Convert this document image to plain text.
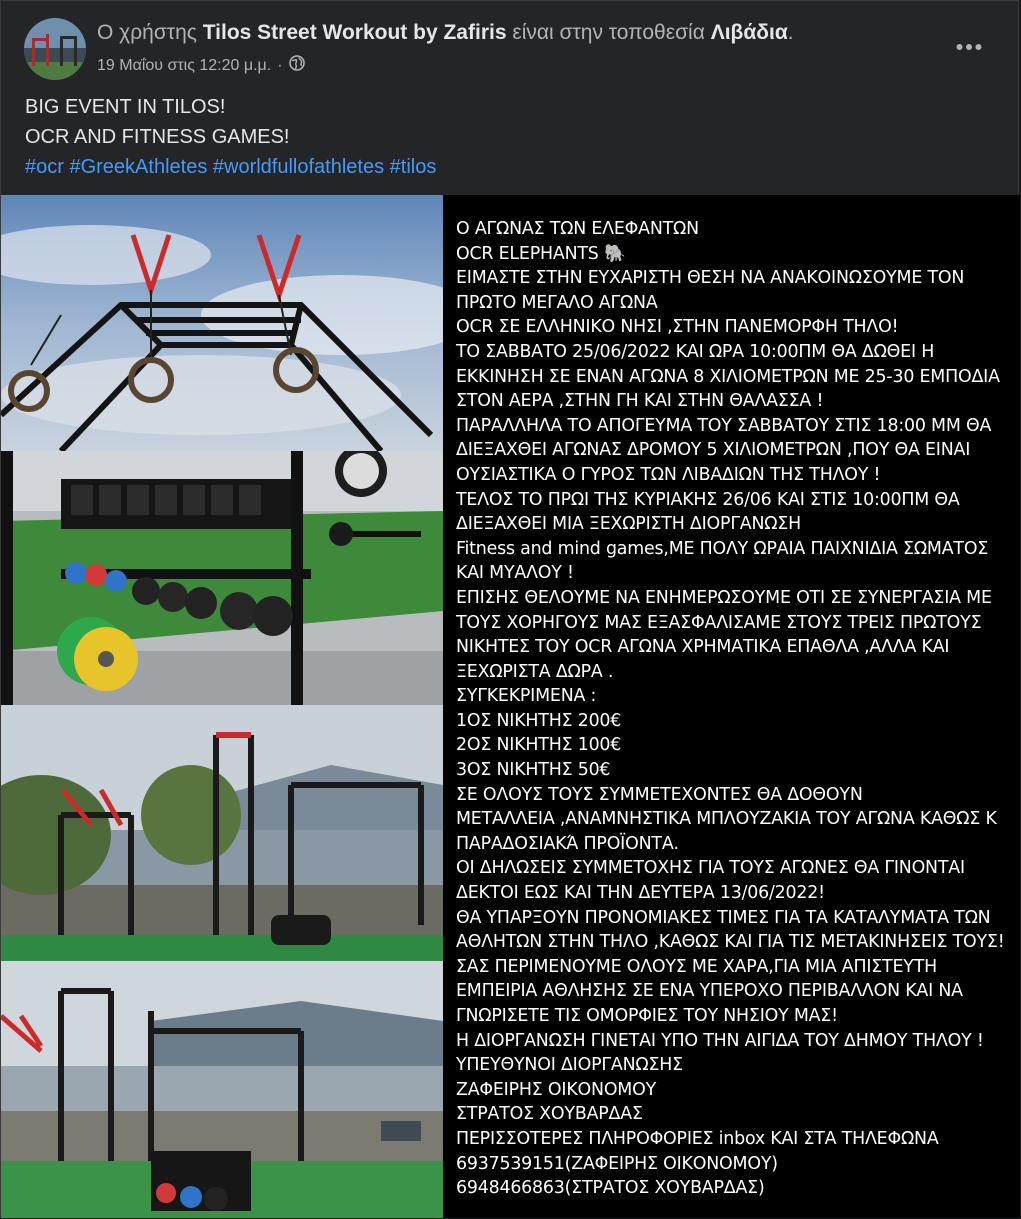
Ο χρήστης Tilos Street Workout by Zafiris είναι στην τοποθεσία Λιβάδια.
19 Μαΐου στις 12:20 μ.μ. ·
BIG EVENT IN TILOS!
OCR AND FITNESS GAMES!
#ocr #GreekAthletes #worldfullofathletes #tilos
Ο ΑΓΩΝΑΣ ΤΩΝ ΕΛΕΦΑΝΤΩΝ
OCR ELEPHANTS 🐘
ΕΙΜΑΣΤΕ ΣΤΗΝ ΕΥΧΑΡΙΣΤΗ ΘΕΣΗ ΝΑ ΑΝΑΚΟΙΝΩΣΟΥΜΕ ΤΟΝ
ΠΡΩΤΟ ΜΕΓΑΛΟ ΑΓΩΝΑ
OCR ΣΕ ΕΛΛΗΝΙΚΟ ΝΗΣΙ ,ΣΤΗΝ ΠΑΝΕΜΟΡΦΗ ΤΗΛΟ!
ΤΟ ΣΑΒΒΑΤΟ 25/06/2022 ΚΑΙ ΩΡΑ 10:00ΠΜ ΘΑ ΔΩΘΕΙ Η
ΕΚΚΙΝΗΣΗ ΣΕ ΕΝΑΝ ΑΓΩΝΑ 8 ΧΙΛΙΟΜΕΤΡΩΝ ΜΕ 25-30 ΕΜΠΟΔΙΑ
ΣΤΟΝ ΑΕΡΑ ,ΣΤΗΝ ΓΗ ΚΑΙ ΣΤΗΝ ΘΑΛΑΣΣΑ !
ΠΑΡΑΛΛΗΛΑ ΤΟ ΑΠΟΓΕΥΜΑ ΤΟΥ ΣΑΒΒΑΤΟΥ ΣΤΙΣ 18:00 ΜΜ ΘΑ
ΔΙΕΞΑΧΘΕΙ ΑΓΩΝΑΣ ΔΡΟΜΟΥ 5 ΧΙΛΙΟΜΕΤΡΩΝ ,ΠΟΥ ΘΑ ΕΙΝΑΙ
ΟΥΣΙΑΣΤΙΚΑ Ο ΓΥΡΟΣ ΤΩΝ ΛΙΒΑΔΙΩΝ ΤΗΣ ΤΗΛΟΥ !
ΤΕΛΟΣ ΤΟ ΠΡΩΙ ΤΗΣ ΚΥΡΙΑΚΗΣ 26/06 ΚΑΙ ΣΤΙΣ 10:00ΠΜ ΘΑ
ΔΙΕΞΑΧΘΕΙ ΜΙΑ ΞΕΧΩΡΙΣΤΗ ΔΙΟΡΓΑΝΩΣΗ
Fitness and mind games,ΜΕ ΠΟΛΥ ΩΡΑΙΑ ΠΑΙΧΝΙΔΙΑ ΣΩΜΑΤΟΣ
ΚΑΙ ΜΥΑΛΟΥ !
ΕΠΙΣΗΣ ΘΕΛΟΥΜΕ ΝΑ ΕΝΗΜΕΡΩΣΟΥΜΕ ΟΤΙ ΣΕ ΣΥΝΕΡΓΑΣΙΑ ΜΕ
ΤΟΥΣ ΧΟΡΗΓΟΥΣ ΜΑΣ ΕΞΑΣΦΑΛΙΣΑΜΕ ΣΤΟΥΣ ΤΡΕΙΣ ΠΡΩΤΟΥΣ
ΝΙΚΗΤΕΣ ΤΟΥ OCR ΑΓΩΝΑ ΧΡΗΜΑΤΙΚΑ ΕΠΑΘΛΑ ,ΑΛΛΑ ΚΑΙ
ΞΕΧΩΡΙΣΤΑ ΔΩΡΑ .
ΣΥΓΚΕΚΡΙΜΕΝΑ :
1ΟΣ ΝΙΚΗΤΗΣ 200€
2ΟΣ ΝΙΚΗΤΗΣ 100€
3ΟΣ ΝΙΚΗΤΗΣ 50€
ΣΕ ΟΛΟΥΣ ΤΟΥΣ ΣΥΜΜΕΤΕΧΟΝΤΕΣ ΘΑ ΔΟΘΟΥΝ
ΜΕΤΑΛΛΕΙΑ ,ΑΝΑΜΝΗΣΤΙΚΑ ΜΠΛΟΥΖΑΚΙΑ ΤΟΥ ΑΓΩΝΑ ΚΑΘΩΣ Κ
ΠΑΡΑΔΟΣΙΑΚΆ ΠΡΟΪΟΝΤΑ.
ΟΙ ΔΗΛΩΣΕΙΣ ΣΥΜΜΕΤΟΧΗΣ ΓΙΑ ΤΟΥΣ ΑΓΩΝΕΣ ΘΑ ΓΙΝΟΝΤΑΙ
ΔΕΚΤΟΙ ΕΩΣ ΚΑΙ ΤΗΝ ΔΕΥΤΕΡΑ 13/06/2022!
ΘΑ ΥΠΑΡΞΟΥΝ ΠΡΟΝΟΜΙΑΚΕΣ ΤΙΜΕΣ ΓΙΑ ΤΑ ΚΑΤΑΛΥΜΑΤΑ ΤΩΝ
ΑΘΛΗΤΩΝ ΣΤΗΝ ΤΗΛΟ ,ΚΑΘΩΣ ΚΑΙ ΓΙΑ ΤΙΣ ΜΕΤΑΚΙΝΗΣΕΙΣ ΤΟΥΣ!
ΣΑΣ ΠΕΡΙΜΕΝΟΥΜΕ ΟΛΟΥΣ ΜΕ ΧΑΡΑ,ΓΙΑ ΜΙΑ ΑΠΙΣΤΕΥΤΗ
ΕΜΠΕΙΡΙΑ ΑΘΛΗΣΗΣ ΣΕ ΕΝΑ ΥΠΕΡΟΧΟ ΠΕΡΙΒΑΛΛΟΝ ΚΑΙ ΝΑ
ΓΝΩΡΙΣΕΤΕ ΤΙΣ ΟΜΟΡΦΙΕΣ ΤΟΥ ΝΗΣΙΟΥ ΜΑΣ!
Η ΔΙΟΡΓΑΝΩΣΗ ΓΙΝΕΤΑΙ ΥΠΟ ΤΗΝ ΑΙΓΙΔΑ ΤΟΥ ΔΗΜΟΥ ΤΗΛΟΥ !
ΥΠΕΥΘΥΝΟΙ ΔΙΟΡΓΑΝΩΣΗΣ
ΖΑΦΕΙΡΗΣ ΟΙΚΟΝΟΜΟΥ
ΣΤΡΑΤΟΣ ΧΟΥΒΑΡΔΑΣ
ΠΕΡΙΣΣΟΤΕΡΕΣ ΠΛΗΡΟΦΟΡΙΕΣ inbox ΚΑΙ ΣΤΑ ΤΗΛΕΦΩΝΑ
6937539151(ΖΑΦΕΙΡΗΣ ΟΙΚΟΝΟΜΟΥ)
6948466863(ΣΤΡΑΤΟΣ ΧΟΥΒΑΡΔΑΣ)
